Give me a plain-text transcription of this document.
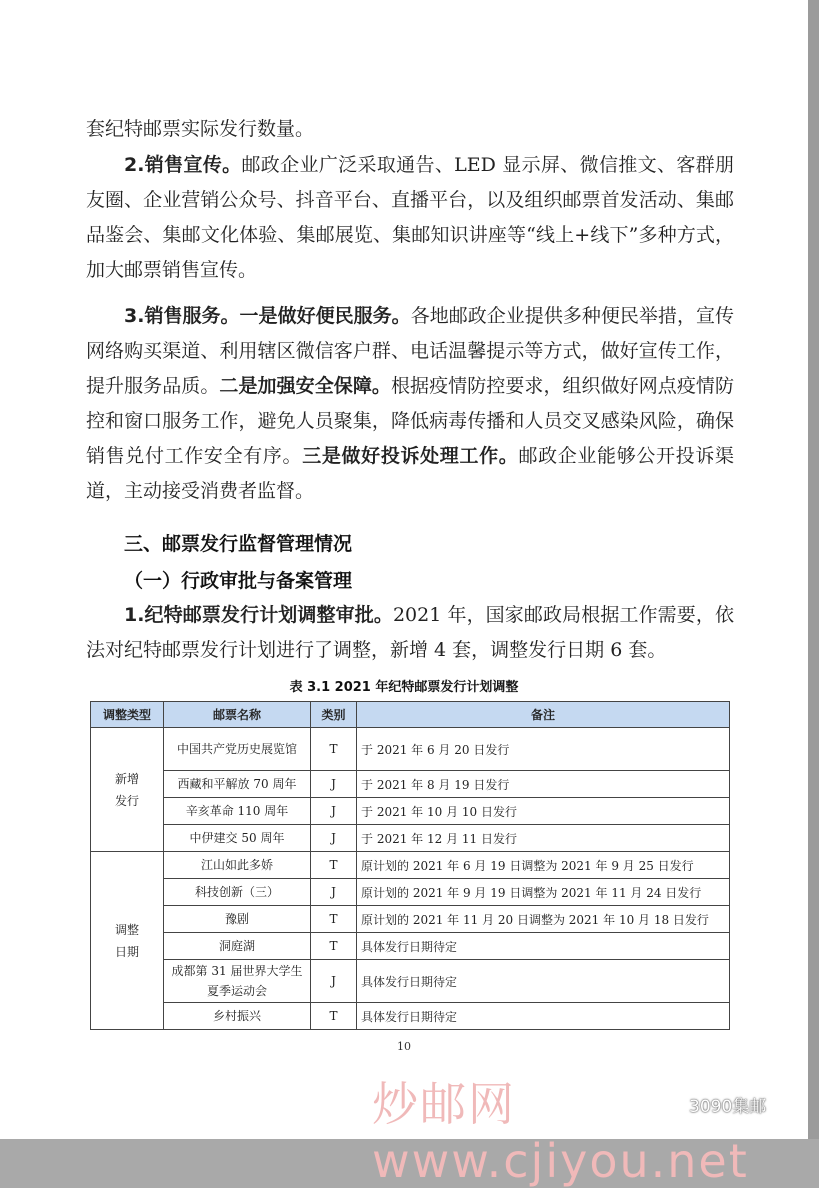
套纪特邮票实际发行数量。

2.销售宣传。邮政企业广泛采取通告、LED 显示屏、微信推文、客群朋友圈、企业营销公众号、抖音平台、直播平台，以及组织邮票首发活动、集邮品鉴会、集邮文化体验、集邮展览、集邮知识讲座等“线上+线下”多种方式，加大邮票销售宣传。

3.销售服务。一是做好便民服务。各地邮政企业提供多种便民举措，宣传网络购买渠道、利用辖区微信客户群、电话温馨提示等方式，做好宣传工作，提升服务品质。二是加强安全保障。根据疫情防控要求，组织做好网点疫情防控和窗口服务工作，避免人员聚集，降低病毒传播和人员交叉感染风险，确保销售兑付工作安全有序。三是做好投诉处理工作。邮政企业能够公开投诉渠道，主动接受消费者监督。

三、邮票发行监督管理情况
（一）行政审批与备案管理

1.纪特邮票发行计划调整审批。2021 年，国家邮政局根据工作需要，依法对纪特邮票发行计划进行了调整，新增 4 套，调整发行日期 6 套。

表 3.1 2021 年纪特邮票发行计划调整
调整类型	邮票名称	类别	备注
新增
发行	中国共产党历史展览馆	T	于 2021 年 6 月 20 日发行
	西藏和平解放 70 周年	J	于 2021 年 8 月 19 日发行
	辛亥革命 110 周年	J	于 2021 年 10 月 10 日发行
	中伊建交 50 周年	J	于 2021 年 12 月 11 日发行
调整
日期	江山如此多娇	T	原计划的 2021 年 6 月 19 日调整为 2021 年 9 月 25 日发行
	科技创新（三）	J	原计划的 2021 年 9 月 19 日调整为 2021 年 11 月 24 日发行
	豫剧	T	原计划的 2021 年 11 月 20 日调整为 2021 年 10 月 18 日发行
	洞庭湖	T	具体发行日期待定
	成都第 31 届世界大学生夏季运动会	J	具体发行日期待定
	乡村振兴	T	具体发行日期待定
10
炒邮网 www.cjiyou.net
3090集邮
